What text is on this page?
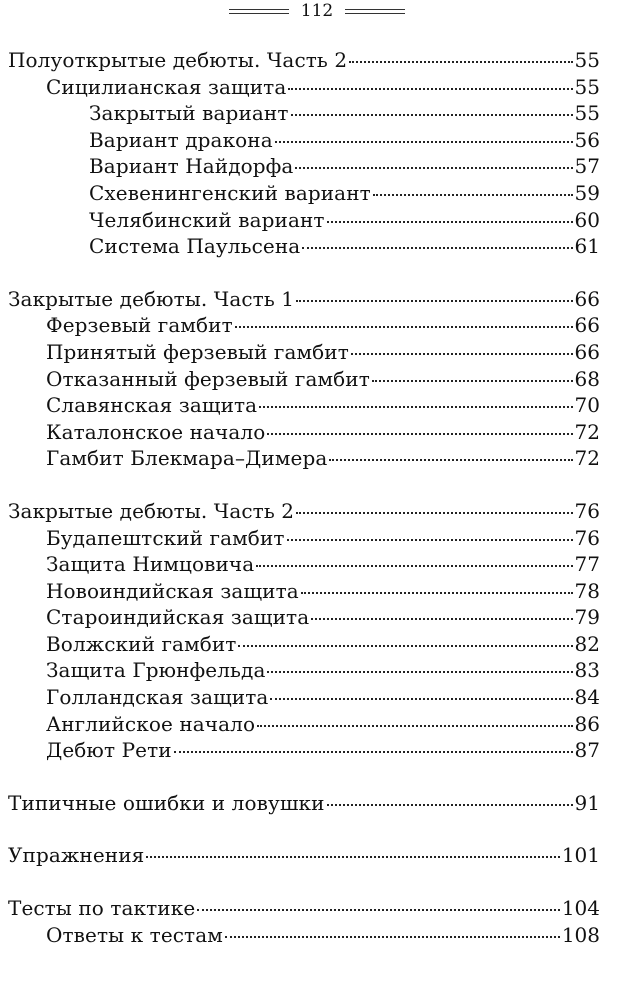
112
Полуоткрытые дебюты. Часть 2	55
Сицилианская защита	55
Закрытый вариант	55
Вариант дракона	56
Вариант Найдорфа	57
Схевенингенский вариант	59
Челябинский вариант	60
Система Паульсена	61
Закрытые дебюты. Часть 1	66
Ферзевый гамбит	66
Принятый ферзевый гамбит	66
Отказанный ферзевый гамбит	68
Славянская защита	70
Каталонское начало	72
Гамбит Блекмара–Димера	72
Закрытые дебюты. Часть 2	76
Будапештский гамбит	76
Защита Нимцовича	77
Новоиндийская защита	78
Староиндийская защита	79
Волжский гамбит	82
Защита Грюнфельда	83
Голландская защита	84
Английское начало	86
Дебют Рети	87
Типичные ошибки и ловушки	91
Упражнения	101
Тесты по тактике	104
Ответы к тестам	108
